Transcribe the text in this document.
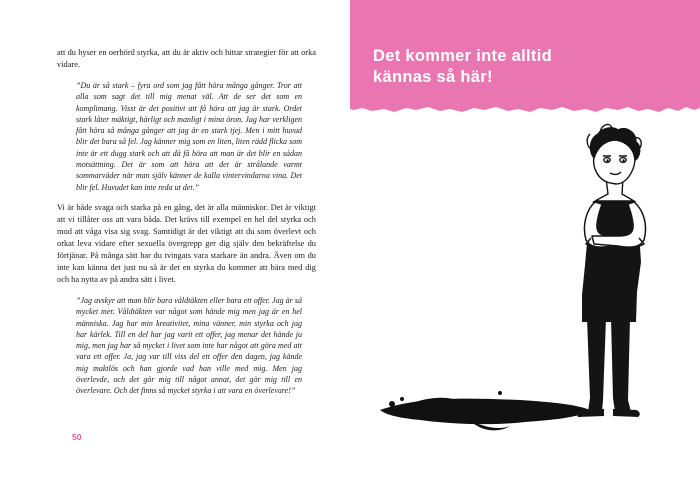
att du hyser en oerhörd styrka, att du är aktiv och hittar strategier för att orka vidare.

”Du är så stark – fyra ord som jag fått höra många gånger. Tror att alla som sagt det till mig menat väl. Att de ser det som en komplimang. Visst är det positivt att få höra att jag är stark. Ordet stark låter mäktigt, härligt och manligt i mina öron. Jag har verkligen fått höra så många gånger att jag är en stark tjej. Men i mitt huvud blir det bara så fel. Jag känner mig som en liten, liten rädd flicka som inte är ett dugg stark och att då få höra att man är det blir en sådan motsättning. Det är som att höra att det är strålande varmt sommarväder när man själv känner de kalla vintervindarna vina. Det blir fel. Huvudet kan inte reda ut det.”

Vi är både svaga och starka på en gång, det är alla människor. Det är viktigt att vi tillåter oss att vara båda. Det krävs till exempel en hel del styrka och mod att våga visa sig svag. Samtidigt är det viktigt att du som överlevt och orkat leva vidare efter sexuella övergrepp ger dig själv den bekräftelse du förtjänar. På många sätt har du tvingats vara starkare än andra. Även om du inte kan känna det just nu så är det en styrka du kommer att bära med dig och ha nytta av på andra sätt i livet.

”Jag avskyr att man blir bara våldtäkten eller bara ett offer. Jag är så mycket mer. Våldtäkten var något som hände mig men jag är en hel människa. Jag har min kreativitet, mina vänner, min styrka och jag har kärlek. Till en del har jag varit ett offer, jag menar det hände ju mig, men jag har så mycket i livet som inte har något att göra med att vara ett offer. Ja, jag var till viss del ett offer den dagen, jag kände mig maktlös och han gjorde vad han ville med mig. Men jag överlevde, och det gör mig till något annat, det gör mig till en överlevare. Och det finns så mycket styrka i att vara en överlevare!”

50
Det kommer inte alltid
kännas så här!
